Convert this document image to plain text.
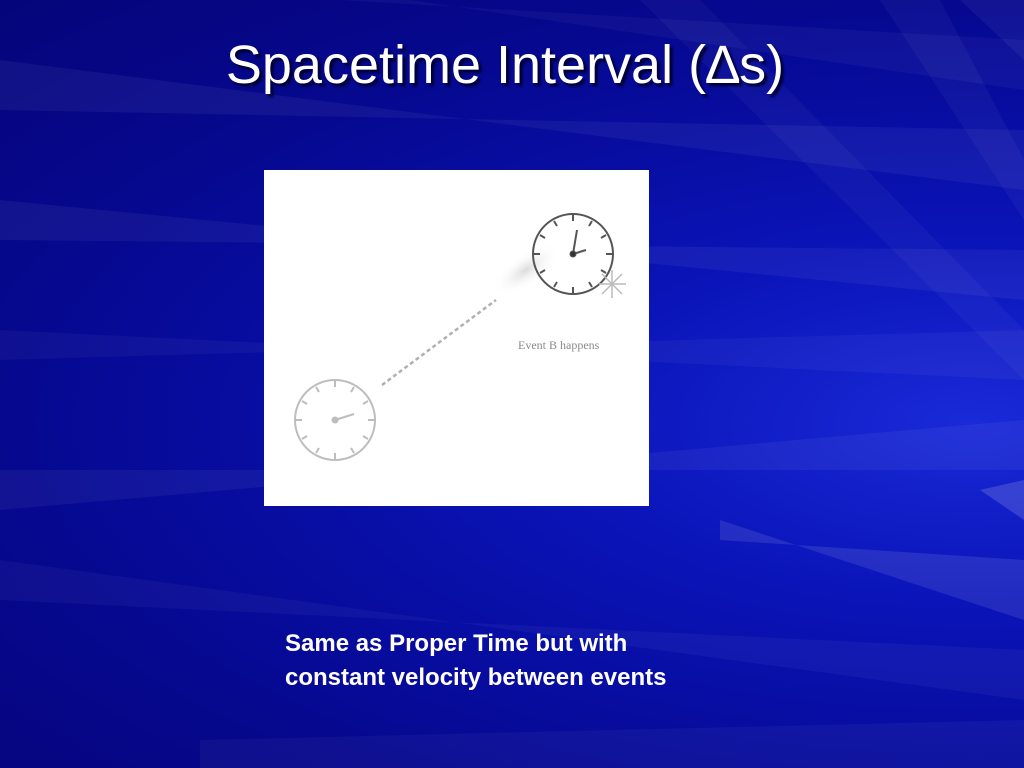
Spacetime Interval (∆s)
Event B happens
Same as Proper Time but with
constant velocity between events
